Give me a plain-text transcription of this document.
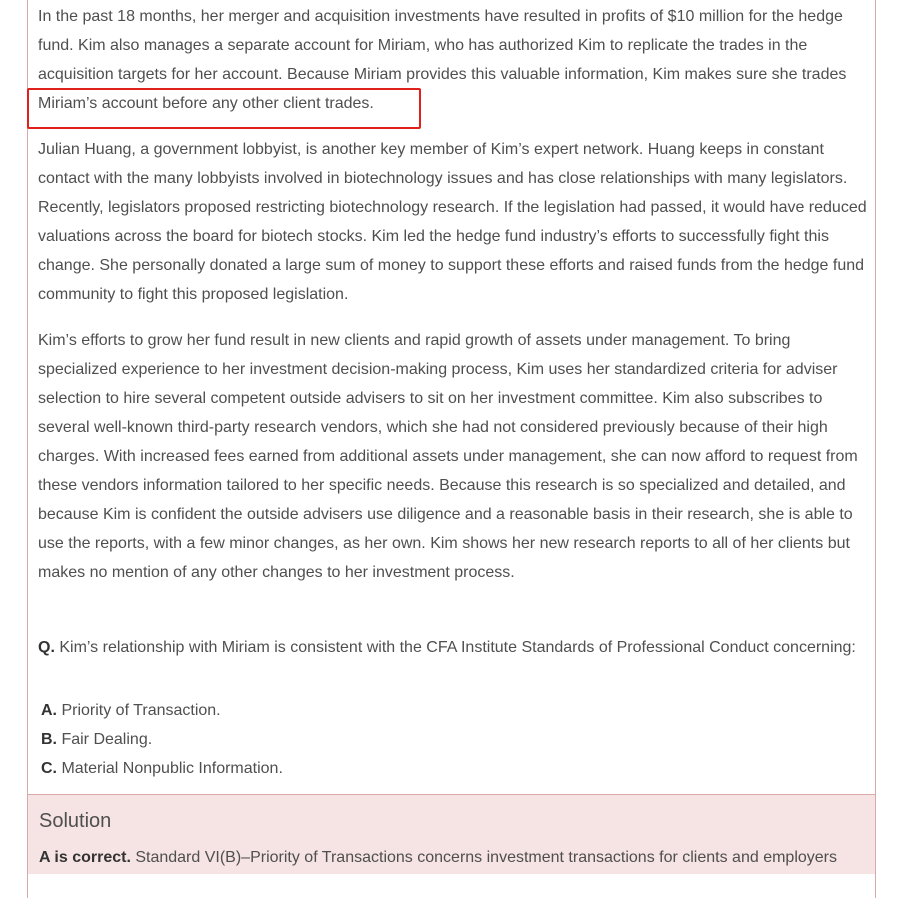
In the past 18 months, her merger and acquisition investments have resulted in profits of $10 million for the hedge fund. Kim also manages a separate account for Miriam, who has authorized Kim to replicate the trades in the acquisition targets for her account. Because Miriam provides this valuable information, Kim makes sure she trades Miriam’s account before any other client trades.

Julian Huang, a government lobbyist, is another key member of Kim’s expert network. Huang keeps in constant contact with the many lobbyists involved in biotechnology issues and has close relationships with many legislators. Recently, legislators proposed restricting biotechnology research. If the legislation had passed, it would have reduced valuations across the board for biotech stocks. Kim led the hedge fund industry’s efforts to successfully fight this change. She personally donated a large sum of money to support these efforts and raised funds from the hedge fund community to fight this proposed legislation.

Kim’s efforts to grow her fund result in new clients and rapid growth of assets under management. To bring specialized experience to her investment decision-making process, Kim uses her standardized criteria for adviser selection to hire several competent outside advisers to sit on her investment committee. Kim also subscribes to several well-known third-party research vendors, which she had not considered previously because of their high charges. With increased fees earned from additional assets under management, she can now afford to request from these vendors information tailored to her specific needs. Because this research is so specialized and detailed, and because Kim is confident the outside advisers use diligence and a reasonable basis in their research, she is able to use the reports, with a few minor changes, as her own. Kim shows her new research reports to all of her clients but makes no mention of any other changes to her investment process.

Q. Kim’s relationship with Miriam is consistent with the CFA Institute Standards of Professional Conduct concerning:

A. Priority of Transaction.
B. Fair Dealing.
C. Material Nonpublic Information.
Solution
A is correct. Standard VI(B)–Priority of Transactions concerns investment transactions for clients and employers
